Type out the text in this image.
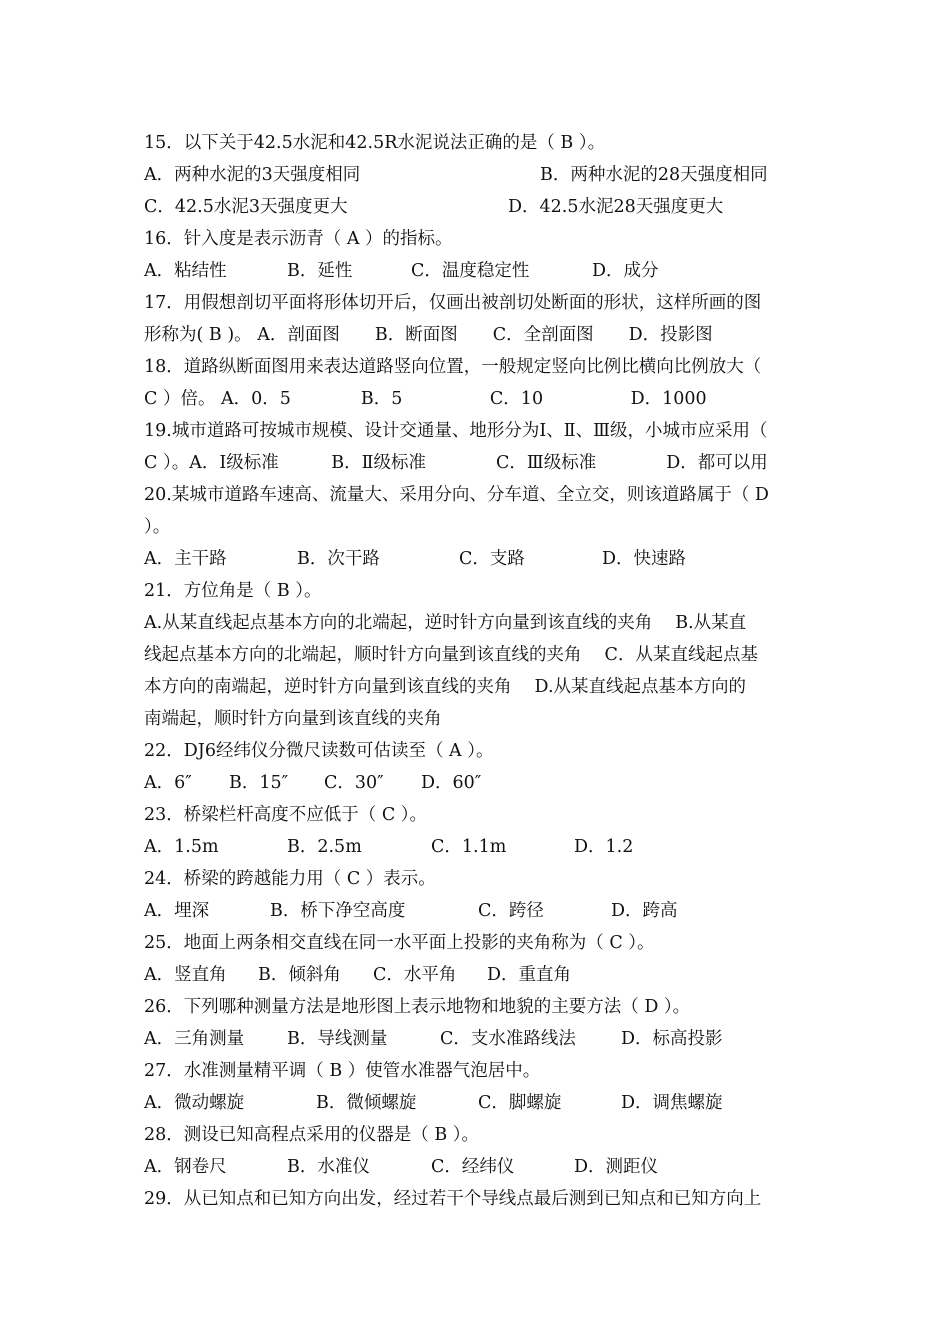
15．以下关于42.5水泥和42.5R水泥说法正确的是（ B ）。
A．两种水泥的3天强度相同	B．两种水泥的28天强度相同
C．42.5水泥3天强度更大	D．42.5水泥28天强度更大
16．针入度是表示沥青（ A ）的指标。
A．粘结性	B．延性	C．温度稳定性	D．成分
17．用假想剖切平面将形体切开后，仅画出被剖切处断面的形状，这样所画的图
形称为( B )。 A．剖面图　　B．断面图　　C．全剖面图　　D．投影图
18．道路纵断面图用来表达道路竖向位置，一般规定竖向比例比横向比例放大（
C ）倍。 A．0．5　　　　B．5　　　　　C．10　　　　　D．1000
19.城市道路可按城市规模、设计交通量、地形分为Ⅰ、Ⅱ、Ⅲ级，小城市应采用（
C ）。A．Ⅰ级标准　　　B．Ⅱ级标准　　　　C．Ⅲ级标准　　　　D．都可以用
20.某城市道路车速高、流量大、采用分向、分车道、全立交，则该道路属于（ D
）。
A．主干路	B．次干路	C．支路	D．快速路
21．方位角是（ B ）。
A.从某直线起点基本方向的北端起，逆时针方向量到该直线的夹角　 B.从某直
线起点基本方向的北端起，顺时针方向量到该直线的夹角　 C．从某直线起点基
本方向的南端起，逆时针方向量到该直线的夹角　 D.从某直线起点基本方向的
南端起，顺时针方向量到该直线的夹角
22．DJ6经纬仪分微尺读数可估读至（ A ）。
A．6″ B．15″ C．30″ D．60″
23．桥梁栏杆高度不应低于（ C ）。
A．1.5m	B．2.5m	C．1.1m	D．1.2
24．桥梁的跨越能力用（ C ）表示。
A．埋深	B．桥下净空高度	C．跨径	D．跨高
25．地面上两条相交直线在同一水平面上投影的夹角称为（ C ）。
A．竖直角 B．倾斜角 C．水平角 D．重直角
26．下列哪种测量方法是地形图上表示地物和地貌的主要方法（ D ）。
A．三角测量 B．导线测量	C．支水准路线法	D．标高投影
27．水准测量精平调（ B ）使管水准器气泡居中。
A．微动螺旋	B．微倾螺旋	C．脚螺旋	D．调焦螺旋
28．测设已知高程点采用的仪器是（ B ）。
A．钢卷尺	B．水准仪	C．经纬仪	D．测距仪
29．从已知点和已知方向出发，经过若干个导线点最后测到已知点和已知方向上
